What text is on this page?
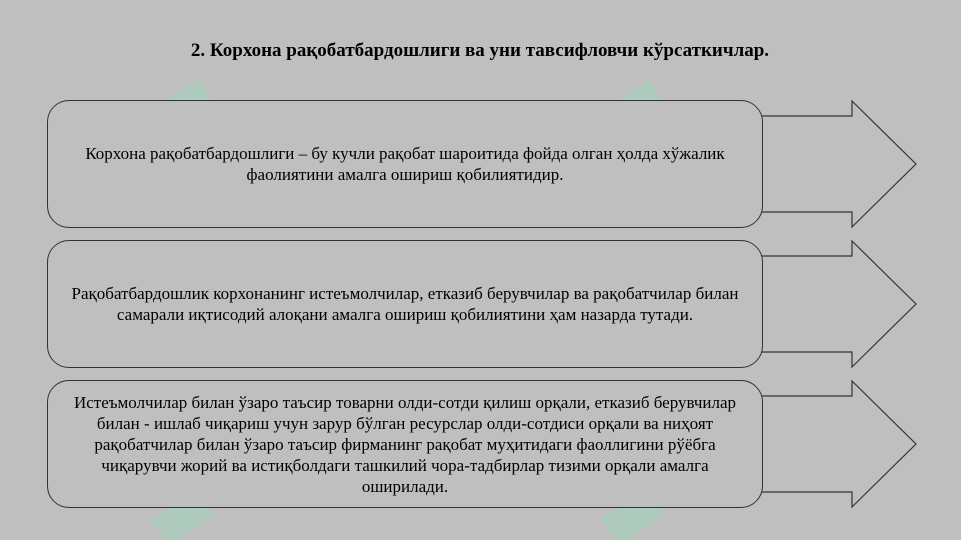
2. Корхона рақобатбардошлиги ва уни тавсифловчи кўрсаткичлар.
Корхона рақобатбардошлиги – бу кучли рақобат шароитида фойда олган ҳолда хўжалик фаолиятини амалга ошириш қобилиятидир.
Рақобатбардошлик корхонанинг истеъмолчилар, етказиб берувчилар ва рақобатчилар билан самарали иқтисодий алоқани амалга ошириш қобилиятини ҳам назарда тутади.
Истеъмолчилар билан ўзаро таъсир товарни олди-сотди қилиш орқали, етказиб берувчилар билан - ишлаб чиқариш учун зарур бўлган ресурслар олди-сотдиси орқали ва ниҳоят рақобатчилар билан ўзаро таъсир фирманинг рақобат муҳитидаги фаоллигини рўёбга чиқарувчи жорий ва истиқболдаги ташкилий чора-тадбирлар тизими орқали амалга оширилади.
